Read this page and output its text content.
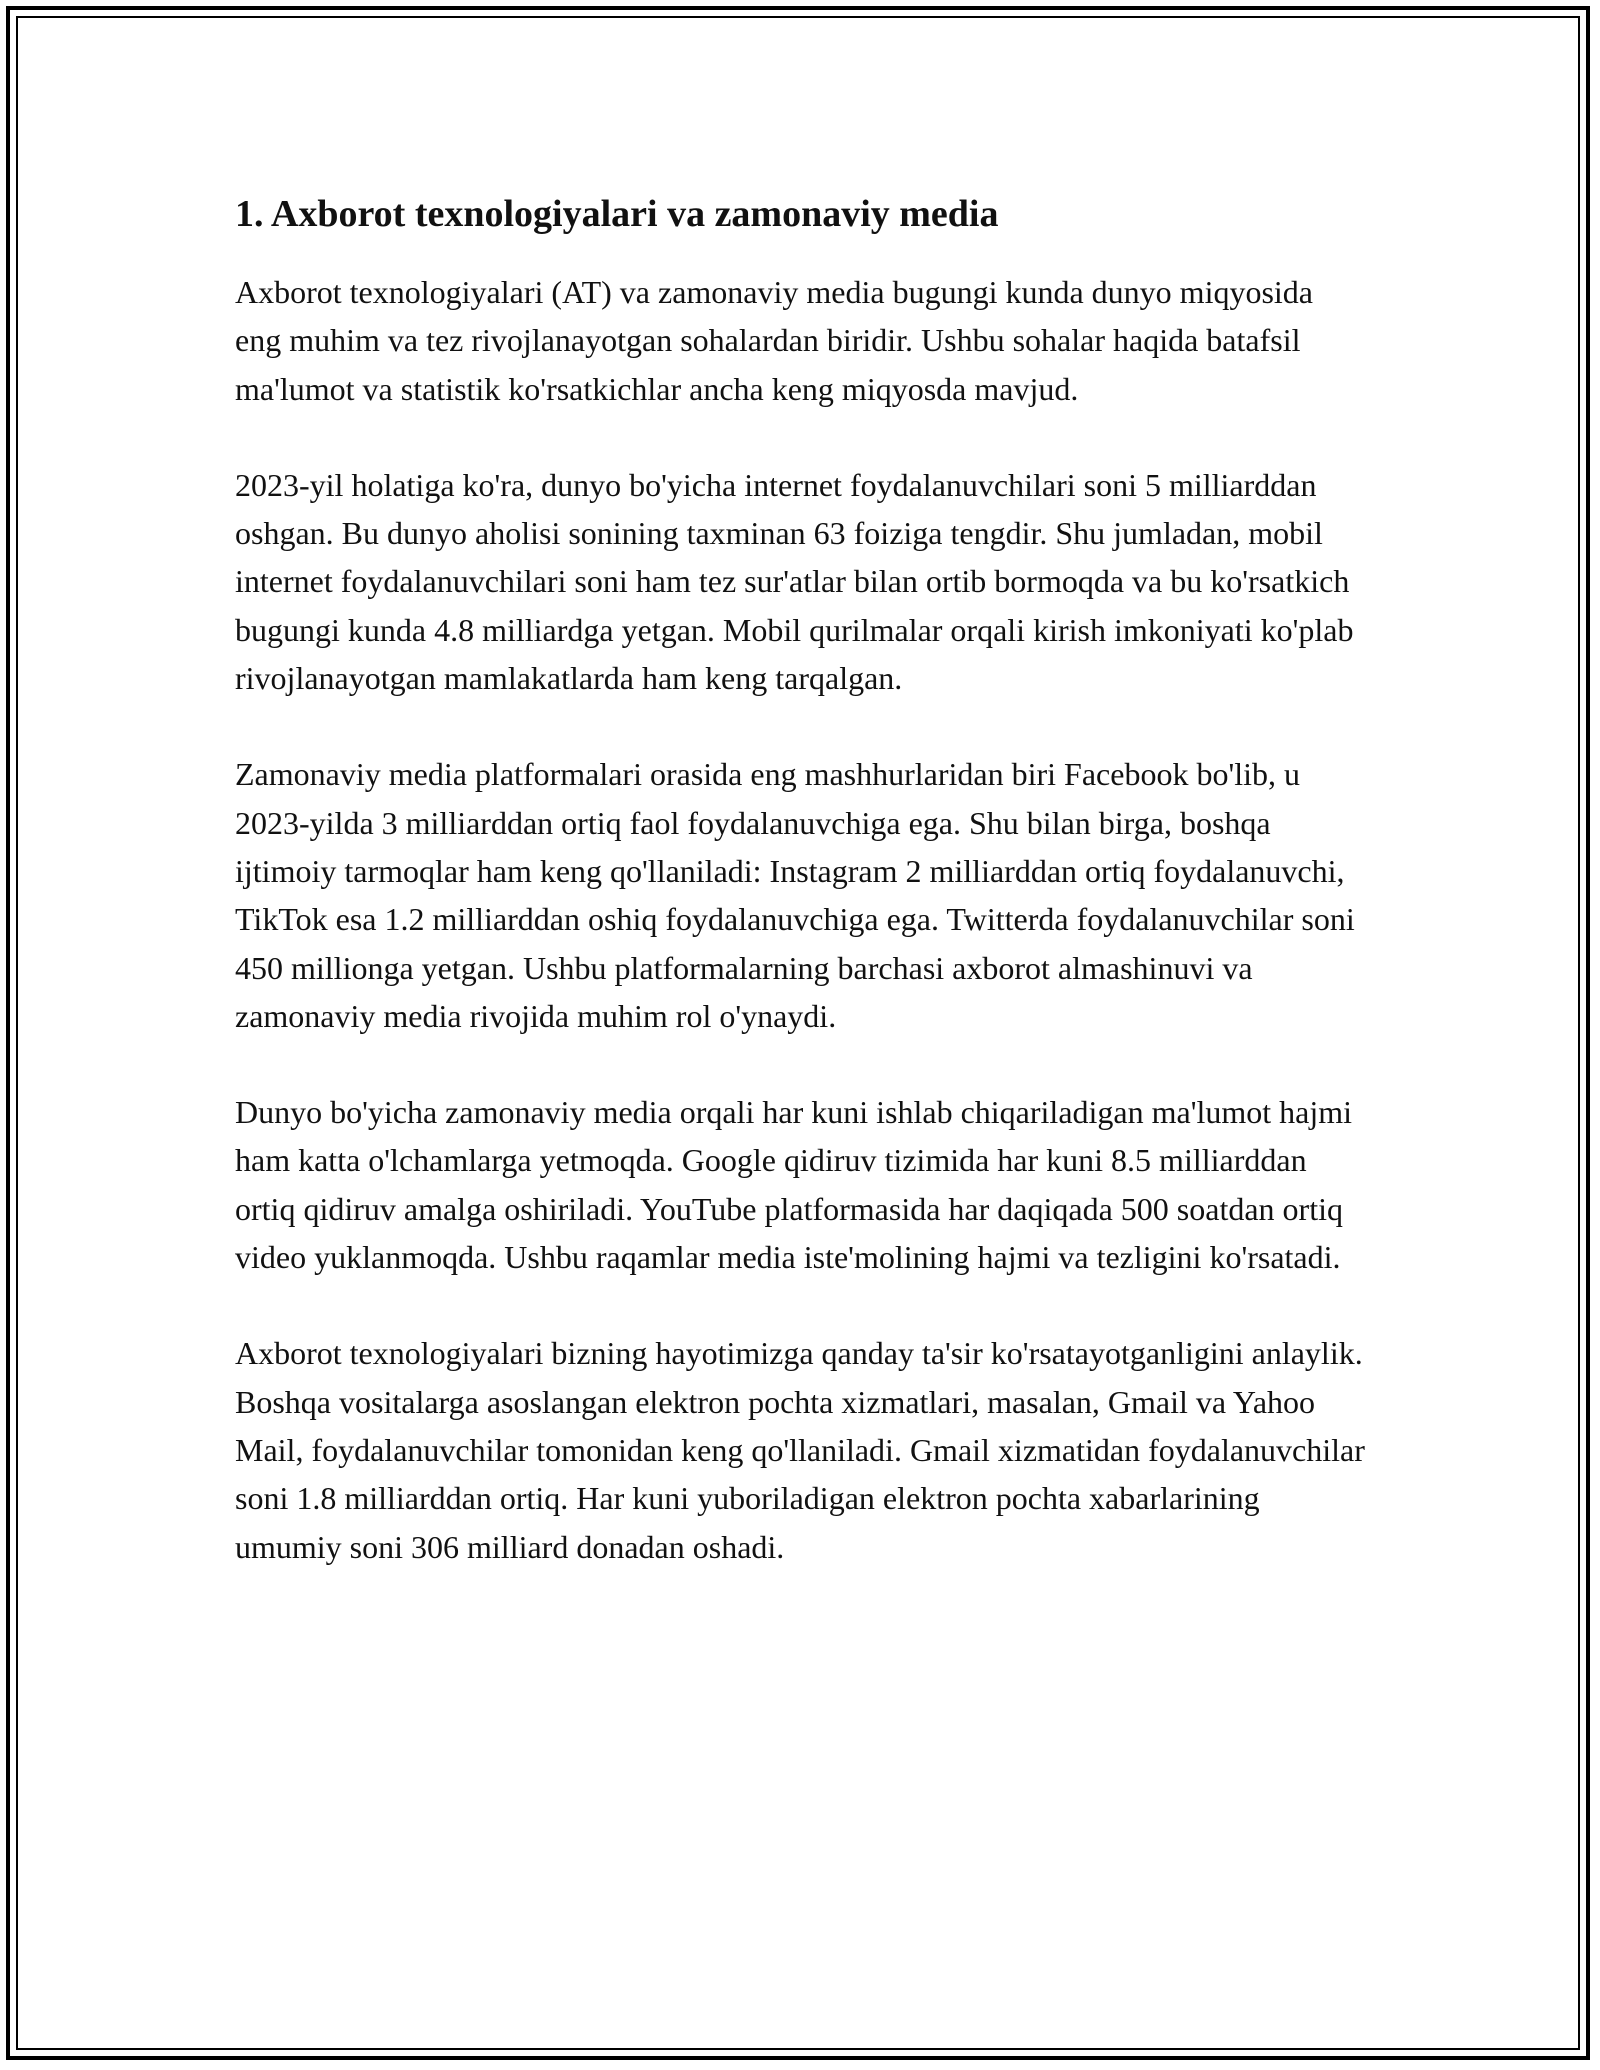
1. Axborot texnologiyalari va zamonaviy media

Axborot texnologiyalari (AT) va zamonaviy media bugungi kunda dunyo miqyosida eng muhim va tez rivojlanayotgan sohalardan biridir. Ushbu sohalar haqida batafsil ma'lumot va statistik ko'rsatkichlar ancha keng miqyosda mavjud.

2023-yil holatiga ko'ra, dunyo bo'yicha internet foydalanuvchilari soni 5 milliarddan oshgan. Bu dunyo aholisi sonining taxminan 63 foiziga tengdir. Shu jumladan, mobil internet foydalanuvchilari soni ham tez sur'atlar bilan ortib bormoqda va bu ko'rsatkich bugungi kunda 4.8 milliardga yetgan. Mobil qurilmalar orqali kirish imkoniyati ko'plab rivojlanayotgan mamlakatlarda ham keng tarqalgan.

Zamonaviy media platformalari orasida eng mashhurlaridan biri Facebook bo'lib, u 2023-yilda 3 milliarddan ortiq faol foydalanuvchiga ega. Shu bilan birga, boshqa ijtimoiy tarmoqlar ham keng qo'llaniladi: Instagram 2 milliarddan ortiq foydalanuvchi, TikTok esa 1.2 milliarddan oshiq foydalanuvchiga ega. Twitterda foydalanuvchilar soni 450 millionga yetgan. Ushbu platformalarning barchasi axborot almashinuvi va zamonaviy media rivojida muhim rol o'ynaydi.

Dunyo bo'yicha zamonaviy media orqali har kuni ishlab chiqariladigan ma'lumot hajmi ham katta o'lchamlarga yetmoqda. Google qidiruv tizimida har kuni 8.5 milliarddan ortiq qidiruv amalga oshiriladi. YouTube platformasida har daqiqada 500 soatdan ortiq video yuklanmoqda. Ushbu raqamlar media iste'molining hajmi va tezligini ko'rsatadi.

Axborot texnologiyalari bizning hayotimizga qanday ta'sir ko'rsatayotganligini anlaylik. Boshqa vositalarga asoslangan elektron pochta xizmatlari, masalan, Gmail va Yahoo Mail, foydalanuvchilar tomonidan keng qo'llaniladi. Gmail xizmatidan foydalanuvchilar soni 1.8 milliarddan ortiq. Har kuni yuboriladigan elektron pochta xabarlarining umumiy soni 306 milliard donadan oshadi.
